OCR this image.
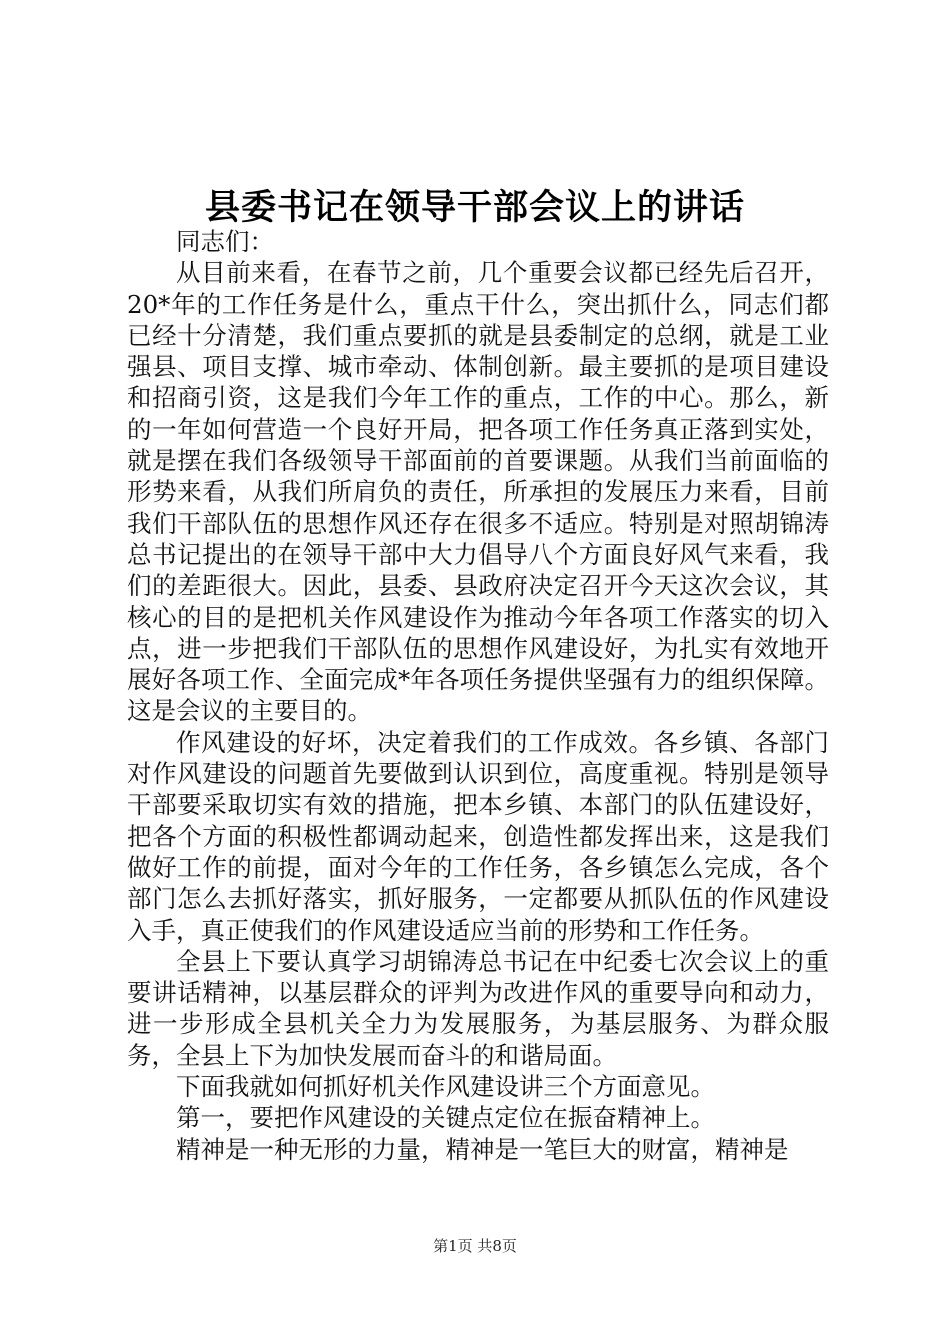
县委书记在领导干部会议上的讲话

同志们：

从目前来看，在春节之前，几个重要会议都已经先后召开，20*年的工作任务是什么，重点干什么，突出抓什么，同志们都已经十分清楚，我们重点要抓的就是县委制定的总纲，就是工业强县、项目支撑、城市牵动、体制创新。最主要抓的是项目建设和招商引资，这是我们今年工作的重点，工作的中心。那么，新的一年如何营造一个良好开局，把各项工作任务真正落到实处，就是摆在我们各级领导干部面前的首要课题。从我们当前面临的形势来看，从我们所肩负的责任，所承担的发展压力来看，目前我们干部队伍的思想作风还存在很多不适应。特别是对照胡锦涛总书记提出的在领导干部中大力倡导八个方面良好风气来看，我们的差距很大。因此，县委、县政府决定召开今天这次会议，其核心的目的是把机关作风建设作为推动今年各项工作落实的切入点，进一步把我们干部队伍的思想作风建设好，为扎实有效地开展好各项工作、全面完成*年各项任务提供坚强有力的组织保障。这是会议的主要目的。

作风建设的好坏，决定着我们的工作成效。各乡镇、各部门对作风建设的问题首先要做到认识到位，高度重视。特别是领导干部要采取切实有效的措施，把本乡镇、本部门的队伍建设好，把各个方面的积极性都调动起来，创造性都发挥出来，这是我们做好工作的前提，面对今年的工作任务，各乡镇怎么完成，各个部门怎么去抓好落实，抓好服务，一定都要从抓队伍的作风建设入手，真正使我们的作风建设适应当前的形势和工作任务。

全县上下要认真学习胡锦涛总书记在中纪委七次会议上的重要讲话精神，以基层群众的评判为改进作风的重要导向和动力，进一步形成全县机关全力为发展服务，为基层服务、为群众服务，全县上下为加快发展而奋斗的和谐局面。

下面我就如何抓好机关作风建设讲三个方面意见。

第一，要把作风建设的关键点定位在振奋精神上。

精神是一种无形的力量，精神是一笔巨大的财富，精神是

第1页 共8页
